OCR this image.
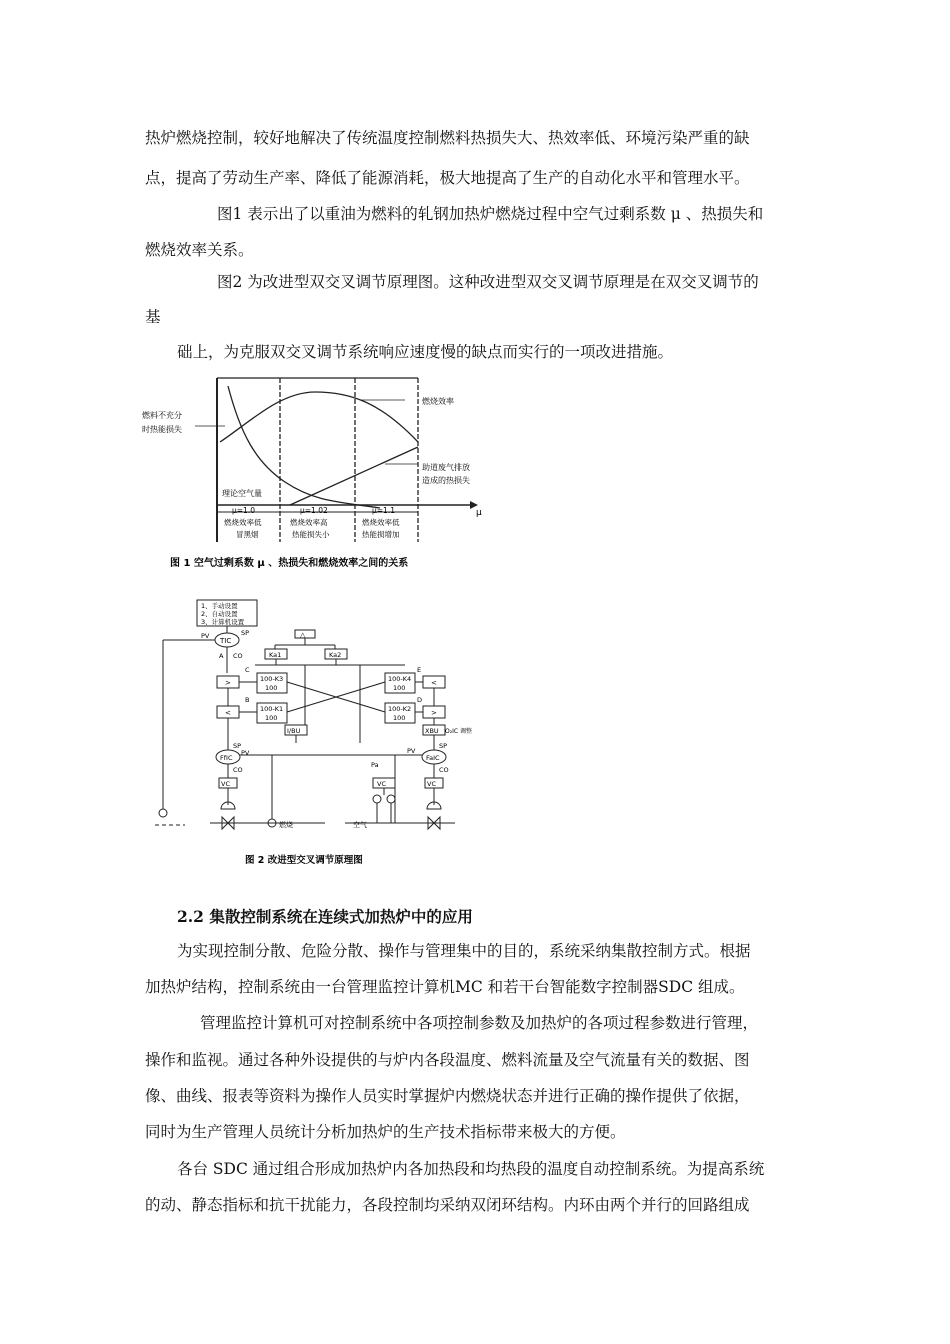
热炉燃烧控制，较好地解决了传统温度控制燃料热损失大、热效率低、环境污染严重的缺
点，提高了劳动生产率、降低了能源消耗，极大地提高了生产的自动化水平和管理水平。
图1 表示出了以重油为燃料的轧钢加热炉燃烧过程中空气过剩系数 μ 、热损失和
燃烧效率关系。
图2 为改进型双交叉调节原理图。这种改进型双交叉调节原理是在双交叉调节的
基
础上，为克服双交叉调节系统响应速度慢的缺点而实行的一项改进措施。
燃料不充分
时热能损失
燃烧效率
助道废气排放
造成的热损失
理论空气量
μ
μ=1.0
燃烧效率低
冒黑烟
μ=1.02
燃烧效率高
热能损失小
μ=1.1
燃烧效率低
热能损增加
图 1 空气过剩系数 μ 、热损失和燃烧效率之间的关系
1、手动设置
2、自动设置
3、计算机设置
TIC
PV	SP
A CO
△
Ka1	Ka2
C
B
E
D
>
<
<
>
100-K3
100
100-K1
100
100-K4
100
100-K2
100
I/BU	XBU O₂IC 调整
FfIC	FaIC
SP
PV
CO
SP
PV
CO
Pa
VC	VC
VC
燃烧	空气
图 2 改进型交叉调节原理图
2.2 集散控制系统在连续式加热炉中的应用
为实现控制分散、危险分散、操作与管理集中的目的，系统采纳集散控制方式。根据
加热炉结构，控制系统由一台管理监控计算机MC 和若干台智能数字控制器SDC 组成。
管理监控计算机可对控制系统中各项控制参数及加热炉的各项过程参数进行管理，
操作和监视。通过各种外设提供的与炉内各段温度、燃料流量及空气流量有关的数据、图
像、曲线、报表等资料为操作人员实时掌握炉内燃烧状态并进行正确的操作提供了依据，
同时为生产管理人员统计分析加热炉的生产技术指标带来极大的方便。
各台 SDC 通过组合形成加热炉内各加热段和均热段的温度自动控制系统。为提高系统
的动、静态指标和抗干扰能力，各段控制均采纳双闭环结构。内环由两个并行的回路组成
